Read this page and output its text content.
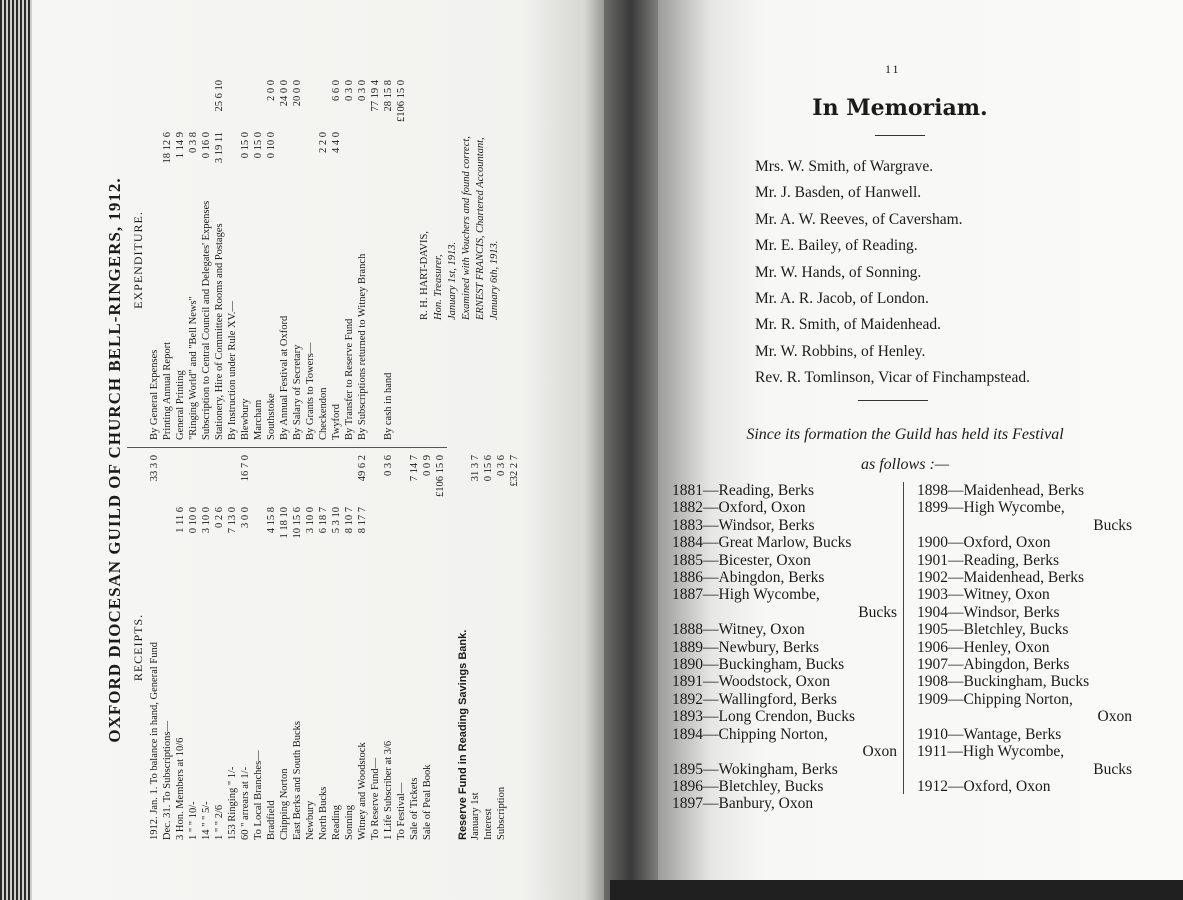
OXFORD DIOCESAN GUILD OF CHURCH BELL-RINGERS, 1912. RECEIPTS. 1912. Jan. 1. To balance in hand, General Fund
33 3 0
Dec. 31. To Subscriptions— 3 Hon. Members at 10/6
1 11 6
1 " " 10/-
0 10 0
14 " " 5/-
3 10 0
1 " " 2/6
0 2 6
153 Ringing " 1/-
7 13 0
60 " arrears at 1/-
3 0 0
16 7 0
To Local Branches— Bradfield
4 15 8
Chipping Norton
1 18 10
East Berks and South Bucks
10 15 6
Newbury
3 10 0
North Bucks
6 18 7
Reading
5 3 10
Sonning
8 10 7
Witney and Woodstock
8 17 7
49 6 2
To Reserve Fund— 1 Life Subscriber at 3/6
0 3 6
To Festival— Sale of Tickets
7 14 7
Sale of Peal Book
0 0 9 £106 15 0
Reserve Fund in Reading Savings Bank. January 1st
31 3 7
Interest
0 15 6
Subscription
0 3 6 £32 2 7
EXPENDITURE.
By General Expenses Printing Annual Report
18 12 6
General Printing
1 14 9
"Ringing World" and "Bell News"
0 3 8
Subscription to Central Council and Delegates' Expenses
0 16 0
Stationery, Hire of Committee Rooms and Postages
3 19 11
25 6 10
By Instruction under Rule XV.— Blewbury
0 15 0
Marcham
0 15 0
Southstoke
0 10 0
2 0 0
By Annual Festival at Oxford
24 0 0
By Salary of Secretary
20 0 0
By Grants to Towers— Checkendon
2 2 0
Twyford
4 4 0
6 6 0
By Transfer to Reserve Fund
0 3 0
By Subscriptions returned to Witney Branch
0 3 0 77 19 4
By cash in hand
28 15 8 £106 15 0
R. H. HART-DAVIS, Hon. Treasurer, January 1st, 1913. Examined with Vouchers and found correct, ERNEST FRANCIS, Chartered Accountant, January 6th, 1913.
11
In Memoriam.
Mrs. W. Smith, of Wargrave.
Mr. J. Basden, of Hanwell.
Mr. A. W. Reeves, of Caversham.
Mr. E. Bailey, of Reading.
Mr. W. Hands, of Sonning.
Mr. A. R. Jacob, of London.
Mr. R. Smith, of Maidenhead.
Mr. W. Robbins, of Henley.
Rev. R. Tomlinson, Vicar of Finchampstead.
Since its formation the Guild has held its Festival
as follows :—
1881—Reading, Berks
1882—Oxford, Oxon
1883—Windsor, Berks
1884—Great Marlow, Bucks
1885—Bicester, Oxon
1886—Abingdon, Berks
1887—High Wycombe,
Bucks
1888—Witney, Oxon
1889—Newbury, Berks
1890—Buckingham, Bucks
1891—Woodstock, Oxon
1892—Wallingford, Berks
1893—Long Crendon, Bucks
1894—Chipping Norton,
Oxon
1895—Wokingham, Berks
1896—Bletchley, Bucks
1897—Banbury, Oxon
1898—Maidenhead, Berks
1899—High Wycombe,
Bucks
1900—Oxford, Oxon
1901—Reading, Berks
1902—Maidenhead, Berks
1903—Witney, Oxon
1904—Windsor, Berks
1905—Bletchley, Bucks
1906—Henley, Oxon
1907—Abingdon, Berks
1908—Buckingham, Bucks
1909—Chipping Norton,
Oxon
1910—Wantage, Berks
1911—High Wycombe,
Bucks
1912—Oxford, Oxon
